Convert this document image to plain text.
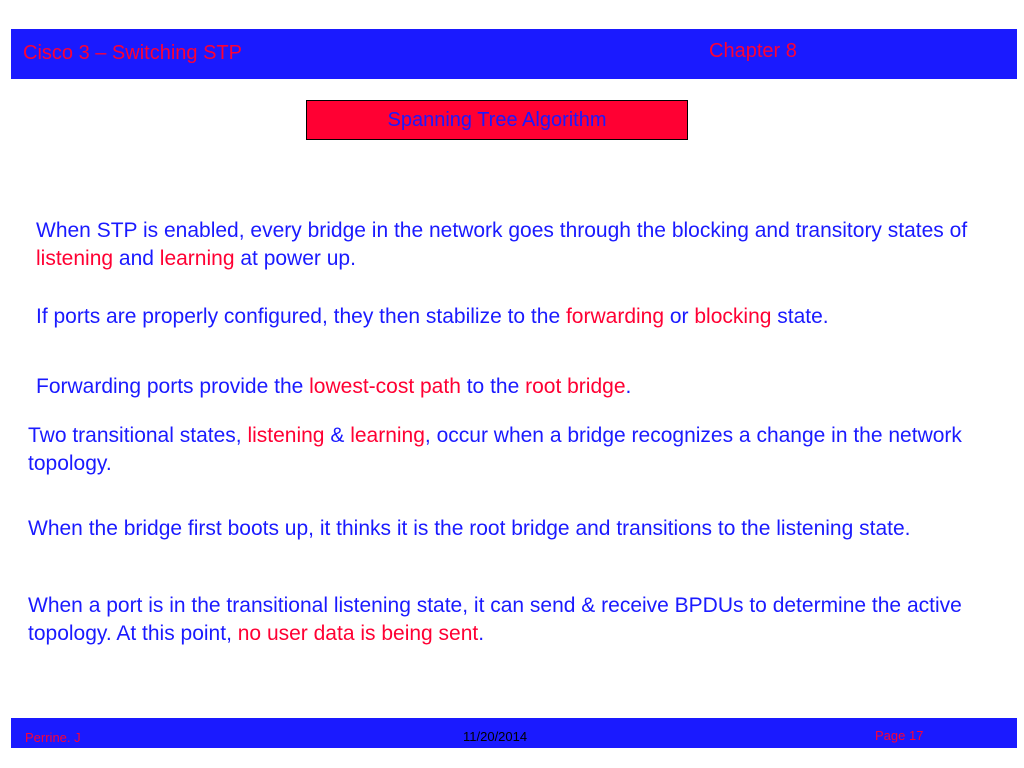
Cisco 3 – Switching STP	Chapter 8
Spanning Tree Algorithm

When STP is enabled, every bridge in the network goes through the blocking and transitory states of listening and learning at power up.

If ports are properly configured, they then stabilize to the forwarding or blocking state.

Forwarding ports provide the lowest-cost path to the root bridge.

Two transitional states, listening & learning, occur when a bridge recognizes a change in the network topology.

When the bridge first boots up, it thinks it is the root bridge and transitions to the listening state.

When a port is in the transitional listening state, it can send & receive BPDUs to determine the active topology. At this point, no user data is being sent.

Perrine. J	11/20/2014	Page 17
